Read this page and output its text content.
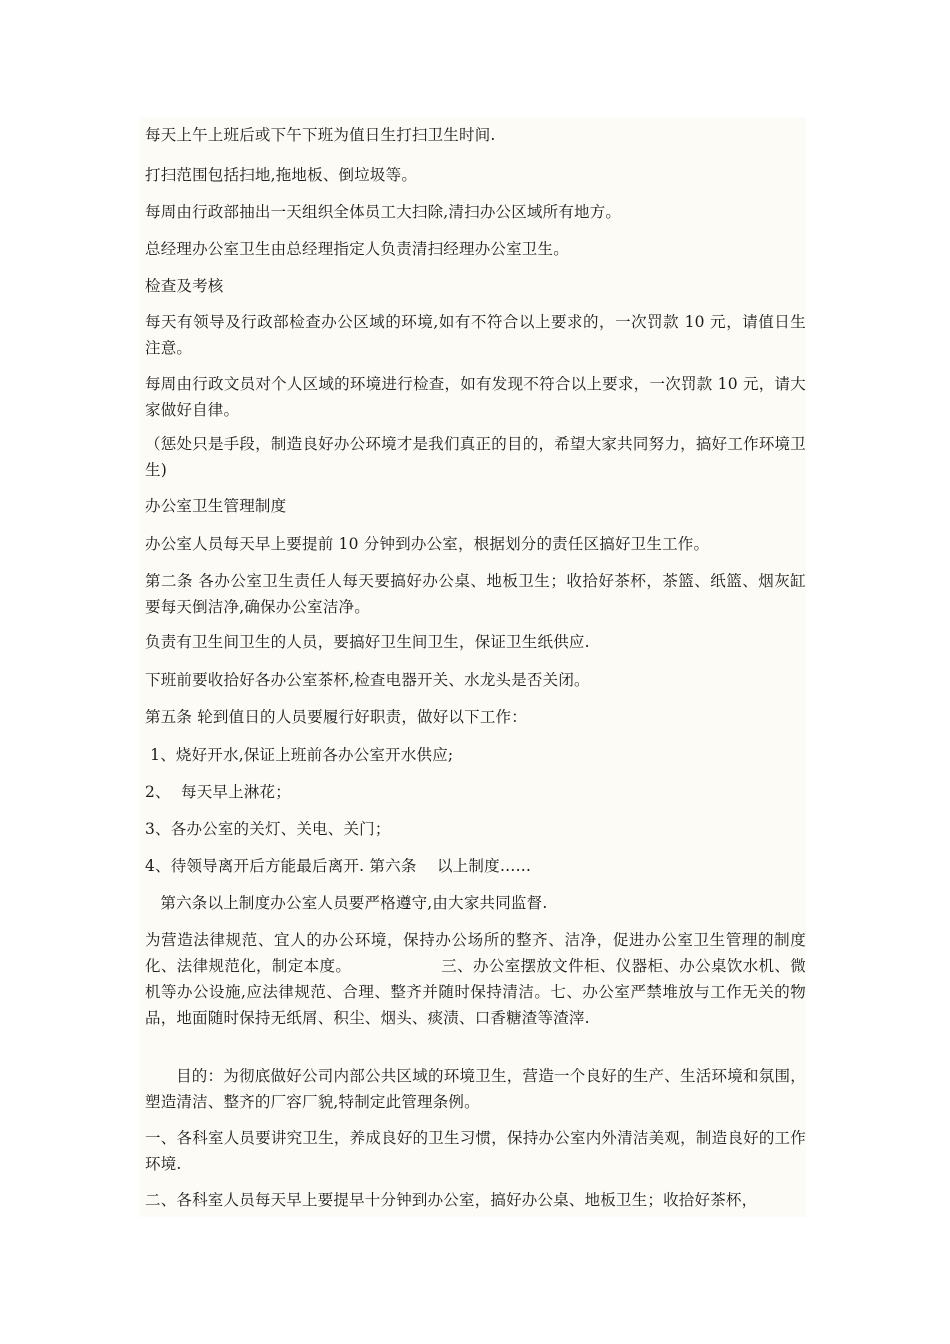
每天上午上班后或下午下班为值日生打扫卫生时间.

打扫范围包括扫地,拖地板、倒垃圾等。

每周由行政部抽出一天组织全体员工大扫除,清扫办公区域所有地方。

总经理办公室卫生由总经理指定人负责清扫经理办公室卫生。

检查及考核

每天有领导及行政部检查办公区域的环境,如有不符合以上要求的，一次罚款 10 元，请值日生注意。

每周由行政文员对个人区域的环境进行检查，如有发现不符合以上要求，一次罚款 10 元，请大家做好自律。

（惩处只是手段，制造良好办公环境才是我们真正的目的，希望大家共同努力，搞好工作环境卫生)

办公室卫生管理制度

办公室人员每天早上要提前 10 分钟到办公室，根据划分的责任区搞好卫生工作。

第二条 各办公室卫生责任人每天要搞好办公桌、地板卫生；收拾好茶杯，茶篮、纸篮、烟灰缸要每天倒洁净,确保办公室洁净。

负责有卫生间卫生的人员，要搞好卫生间卫生，保证卫生纸供应.

下班前要收拾好各办公室茶杯,检查电器开关、水龙头是否关闭。

第五条 轮到值日的人员要履行好职责，做好以下工作：

1、烧好开水,保证上班前各办公室开水供应;

2、  每天早上淋花；

3、各办公室的关灯、关电、关门；

4、待领导离开后方能最后离开. 第六条    以上制度……

第六条以上制度办公室人员要严格遵守,由大家共同监督.

为营造法律规范、宜人的办公环境，保持办公场所的整齐、洁净，促进办公室卫生管理的制度化、法律规范化，制定本度。                 三、办公室摆放文件柜、仪器柜、办公桌饮水机、微机等办公设施,应法律规范、合理、整齐并随时保持清洁。七、办公室严禁堆放与工作无关的物品，地面随时保持无纸屑、积尘、烟头、痰渍、口香糖渣等渣滓.

目的：为彻底做好公司内部公共区域的环境卫生，营造一个良好的生产、生活环境和氛围，塑造清洁、整齐的厂容厂貌,特制定此管理条例。

一、各科室人员要讲究卫生，养成良好的卫生习惯，保持办公室内外清洁美观，制造良好的工作环境.

二、各科室人员每天早上要提早十分钟到办公室，搞好办公桌、地板卫生；收拾好茶杯，
